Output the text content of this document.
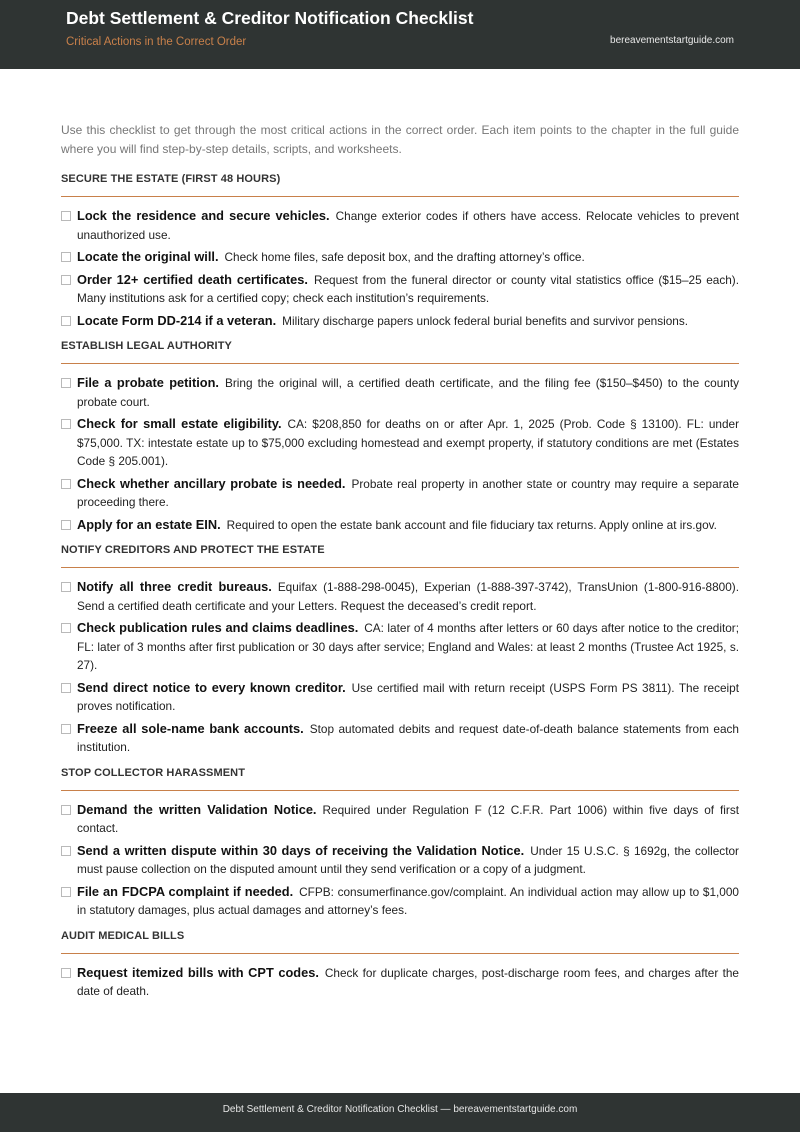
Debt Settlement & Creditor Notification Checklist
Critical Actions in the Correct Order	bereavementstartguide.com

Use this checklist to get through the most critical actions in the correct order. Each item points to the chapter in the full guide where you will find step-by-step details, scripts, and worksheets.

SECURE THE ESTATE (FIRST 48 HOURS)
Lock the residence and secure vehicles. Change exterior codes if others have access. Relocate vehicles to prevent unauthorized use.
Locate the original will. Check home files, safe deposit box, and the drafting attorney’s office.
Order 12+ certified death certificates. Request from the funeral director or county vital statistics office ($15–25 each). Many institutions ask for a certified copy; check each institution’s requirements.
Locate Form DD-214 if a veteran. Military discharge papers unlock federal burial benefits and survivor pensions.
ESTABLISH LEGAL AUTHORITY
File a probate petition. Bring the original will, a certified death certificate, and the filing fee ($150–$450) to the county probate court.
Check for small estate eligibility. CA: $208,850 for deaths on or after Apr. 1, 2025 (Prob. Code § 13100). FL: under $75,000. TX: intestate estate up to $75,000 excluding homestead and exempt property, if statutory conditions are met (Estates Code § 205.001).
Check whether ancillary probate is needed. Probate real property in another state or country may require a separate proceeding there.
Apply for an estate EIN. Required to open the estate bank account and file fiduciary tax returns. Apply online at irs.gov.
NOTIFY CREDITORS AND PROTECT THE ESTATE
Notify all three credit bureaus. Equifax (1-888-298-0045), Experian (1-888-397-3742), TransUnion (1-800-916-8800). Send a certified death certificate and your Letters. Request the deceased’s credit report.
Check publication rules and claims deadlines. CA: later of 4 months after letters or 60 days after notice to the creditor; FL: later of 3 months after first publication or 30 days after service; England and Wales: at least 2 months (Trustee Act 1925, s. 27).
Send direct notice to every known creditor. Use certified mail with return receipt (USPS Form PS 3811). The receipt proves notification.
Freeze all sole-name bank accounts. Stop automated debits and request date-of-death balance statements from each institution.
STOP COLLECTOR HARASSMENT
Demand the written Validation Notice. Required under Regulation F (12 C.F.R. Part 1006) within five days of first contact.
Send a written dispute within 30 days of receiving the Validation Notice. Under 15 U.S.C. § 1692g, the collector must pause collection on the disputed amount until they send verification or a copy of a judgment.
File an FDCPA complaint if needed. CFPB: consumerfinance.gov/complaint. An individual action may allow up to $1,000 in statutory damages, plus actual damages and attorney’s fees.
AUDIT MEDICAL BILLS
Request itemized bills with CPT codes. Check for duplicate charges, post-discharge room fees, and charges after the date of death.
Debt Settlement & Creditor Notification Checklist — bereavementstartguide.com
